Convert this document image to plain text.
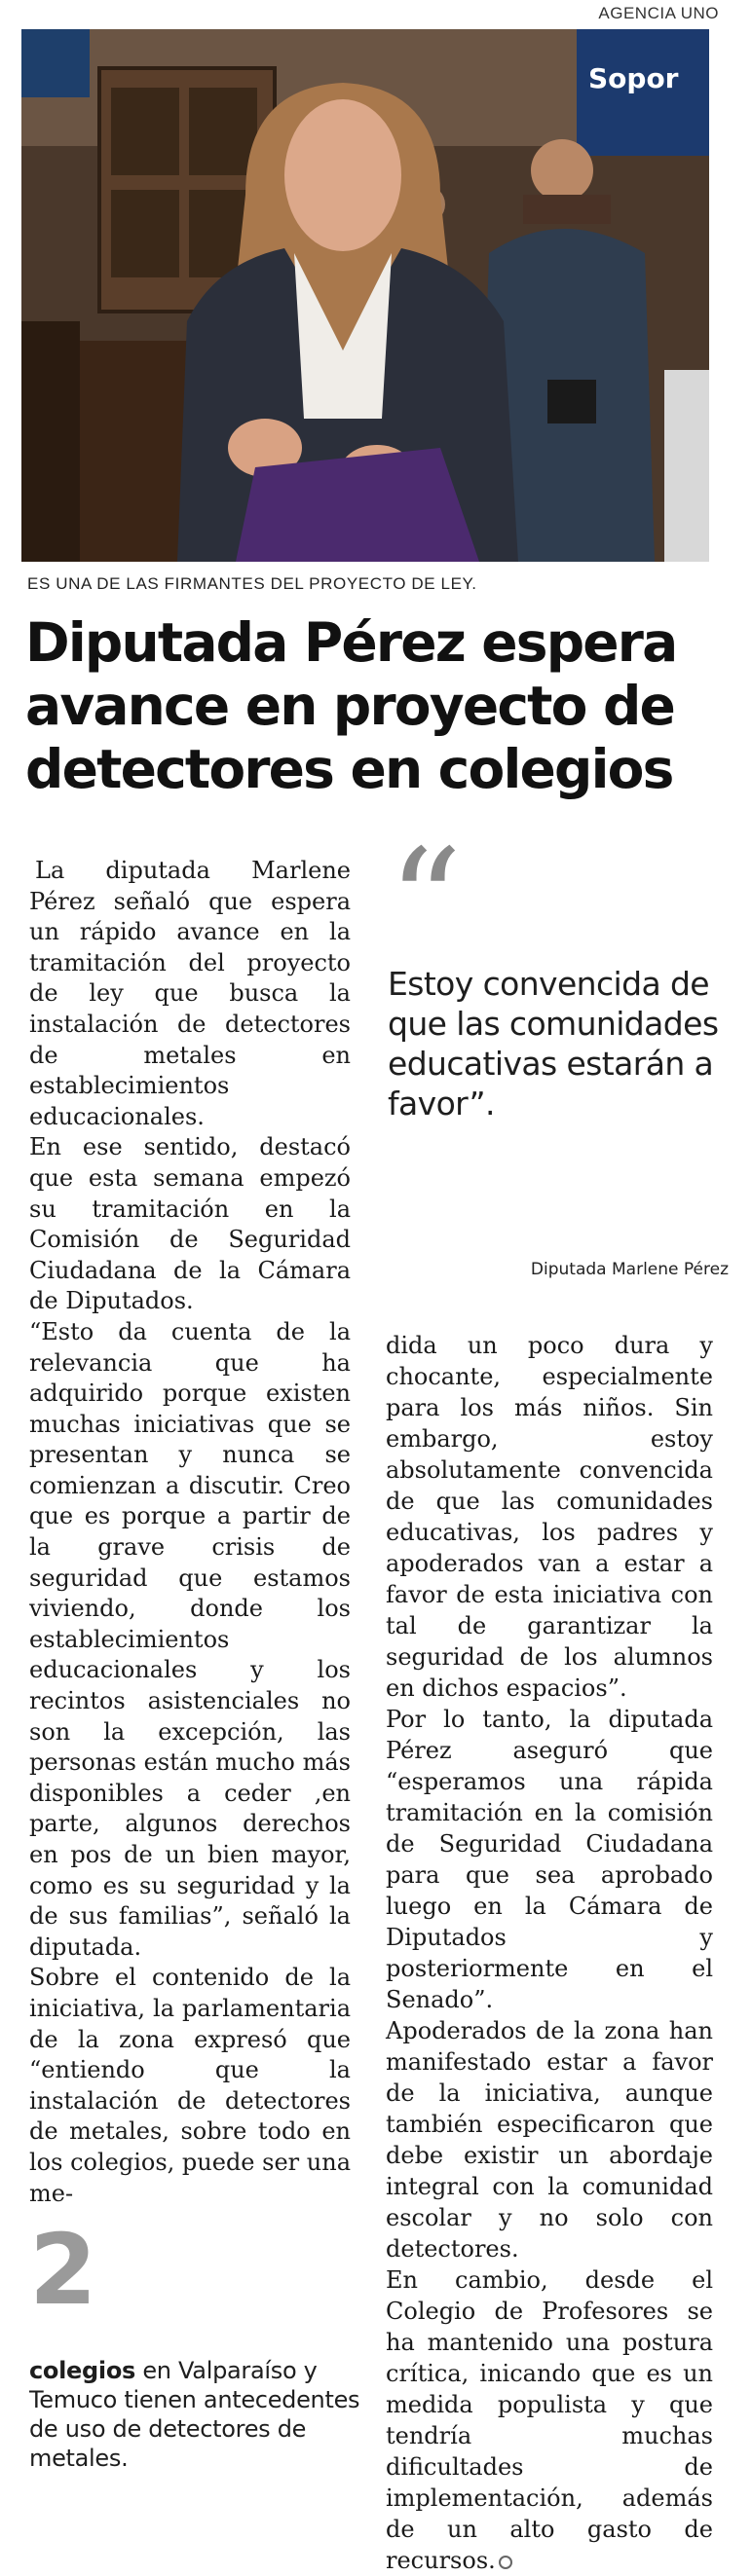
AGENCIA UNO
Sopor
ES UNA DE LAS FIRMANTES DEL PROYECTO DE LEY.
Diputada Pérez espera avance en proyecto de detectores en colegios

La diputada Marlene Pérez señaló que espera un rápido avance en la tramitación del proyecto de ley que busca la instalación de detectores de metales en establecimientos educacionales.

En ese sentido, destacó que esta semana empezó su tramitación en la Comisión de Seguridad Ciudadana de la Cámara de Diputados.

“Esto da cuenta de la relevancia que ha adquirido porque existen muchas iniciativas que se presentan y nunca se comienzan a discutir. Creo que es porque a partir de la grave crisis de seguridad que estamos viviendo, donde los establecimientos educacionales y los recintos asistenciales no son la excepción, las personas están mucho más disponibles a ceder ,en parte, algunos derechos en pos de un bien mayor, como es su seguridad y la de sus familias”, señaló la diputada.

Sobre el contenido de la iniciativa, la parlamentaria de la zona expresó que “entiendo que la instalación de detectores de metales, sobre todo en los colegios, puede ser una me-

“
Estoy convencida de que las comunidades educativas estarán a favor”.
Diputada Marlene Pérez

dida un poco dura y chocante, especialmente para los más niños. Sin embargo, estoy absolutamente convencida de que las comunidades educativas, los padres y apoderados van a estar a favor de esta iniciativa con tal de garantizar la seguridad de los alumnos en dichos espacios”.

Por lo tanto, la diputada Pérez aseguró que “esperamos una rápida tramitación en la comisión de Seguridad Ciudadana para que sea aprobado luego en la Cámara de Diputados y posteriormente en el Senado”.

Apoderados de la zona han manifestado estar a favor de la iniciativa, aunque también especificaron que debe existir un abordaje integral con la comunidad escolar y no solo con detectores.

En cambio, desde el Colegio de Profesores se ha mantenido una postura crítica, inicando que es un medida populista y que tendría muchas dificultades de implementación, además de un alto gasto de recursos.

2
colegios en Valparaíso y Temuco tienen antecedentes de uso de detectores de metales.
